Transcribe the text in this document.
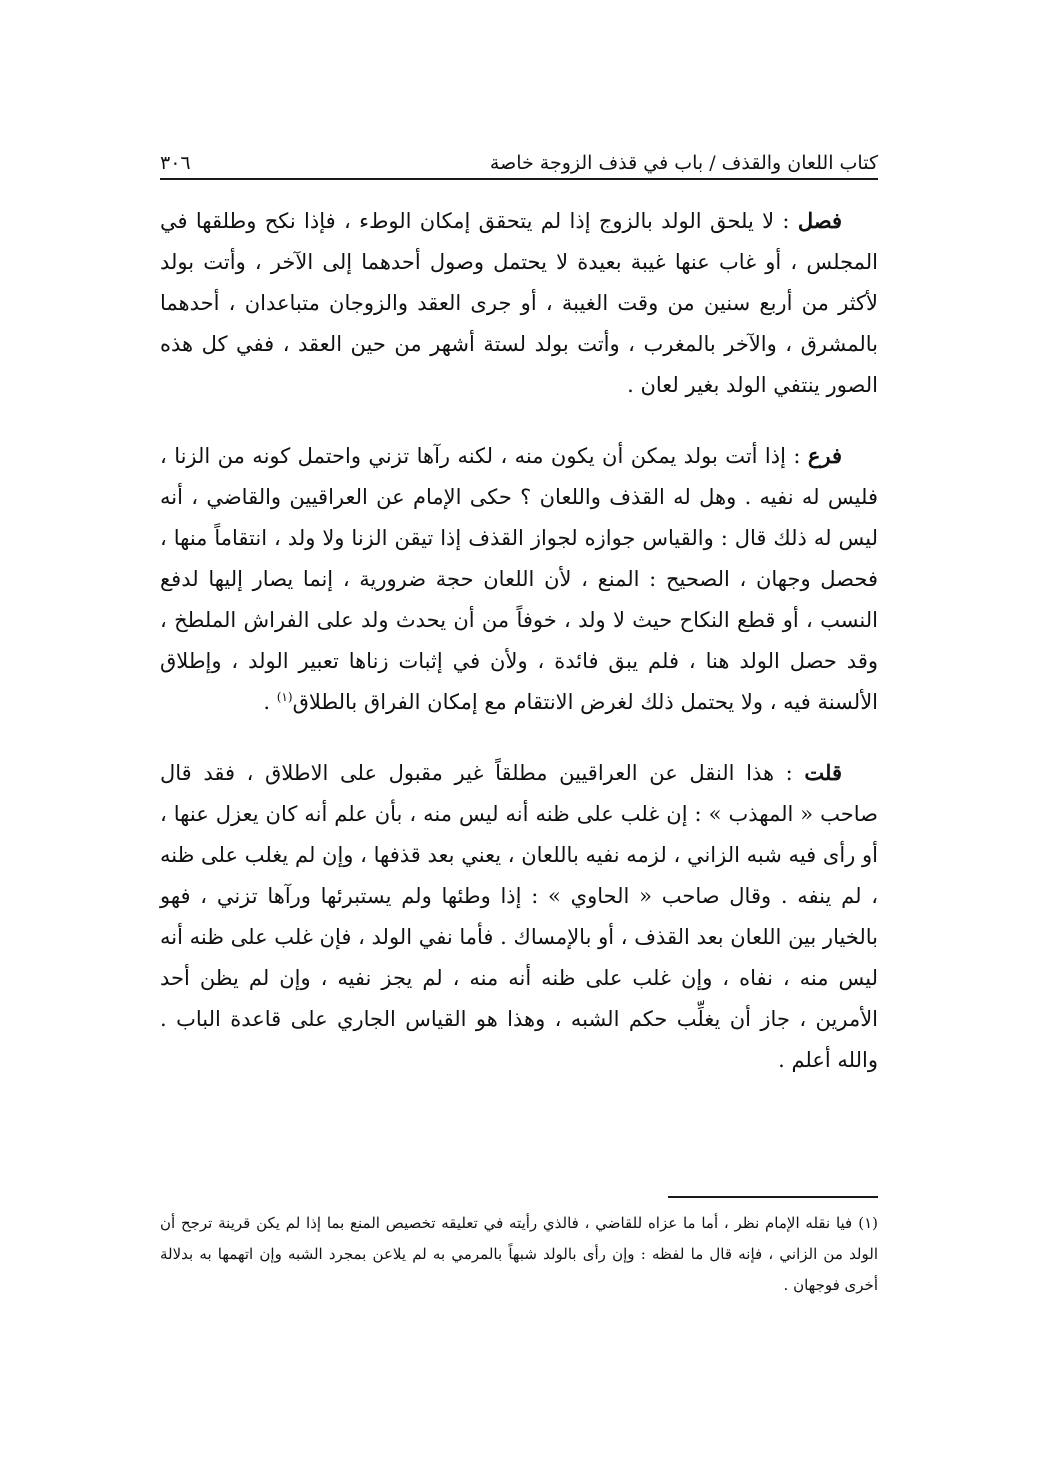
كتاب اللعان والقذف / باب في قذف الزوجة خاصة
٣٠٦

فصل : لا يلحق الولد بالزوج إذا لم يتحقق إمكان الوطء ، فإذا نكح وطلقها في المجلس ، أو غاب عنها غيبة بعيدة لا يحتمل وصول أحدهما إلى الآخر ، وأتت بولد لأكثر من أربع سنين من وقت الغيبة ، أو جرى العقد والزوجان متباعدان ، أحدهما بالمشرق ، والآخر بالمغرب ، وأتت بولد لستة أشهر من حين العقد ، ففي كل هذه الصور ينتفي الولد بغير لعان .

فرع : إذا أتت بولد يمكن أن يكون منه ، لكنه رآها تزني واحتمل كونه من الزنا ، فليس له نفيه . وهل له القذف واللعان ؟ حكى الإمام عن العراقيين والقاضي ، أنه ليس له ذلك قال : والقياس جوازه لجواز القذف إذا تيقن الزنا ولا ولد ، انتقاماً منها ، فحصل وجهان ، الصحيح : المنع ، لأن اللعان حجة ضرورية ، إنما يصار إليها لدفع النسب ، أو قطع النكاح حيث لا ولد ، خوفاً من أن يحدث ولد على الفراش الملطخ ، وقد حصل الولد هنا ، فلم يبق فائدة ، ولأن في إثبات زناها تعبير الولد ، وإطلاق الألسنة فيه ، ولا يحتمل ذلك لغرض الانتقام مع إمكان الفراق بالطلاق$^{(١)}$ .

قلت : هذا النقل عن العراقيين مطلقاً غير مقبول على الاطلاق ، فقد قال صاحب « المهذب » : إن غلب على ظنه أنه ليس منه ، بأن علم أنه كان يعزل عنها ، أو رأى فيه شبه الزاني ، لزمه نفيه باللعان ، يعني بعد قذفها ، وإن لم يغلب على ظنه ، لم ينفه . وقال صاحب « الحاوي » : إذا وطئها ولم يستبرئها ورآها تزني ، فهو بالخيار بين اللعان بعد القذف ، أو بالإمساك . فأما نفي الولد ، فإن غلب على ظنه أنه ليس منه ، نفاه ، وإن غلب على ظنه أنه منه ، لم يجز نفيه ، وإن لم يظن أحد الأمرين ، جاز أن يغلِّب حكم الشبه ، وهذا هو القياس الجاري على قاعدة الباب . والله أعلم .

(١)فيا نقله الإمام نظر ، أما ما عزاه للقاضي ، فالذي رأيته في تعليقه تخصيص المنع بما إذا لم يكن قرينة ترجح أن الولد من الزاني ، فإنه قال ما لفظه : وإن رأى بالولد شبهاً بالمرمي به لم يلاعن بمجرد الشبه وإن اتهمها به بدلالة أخرى فوجهان .
